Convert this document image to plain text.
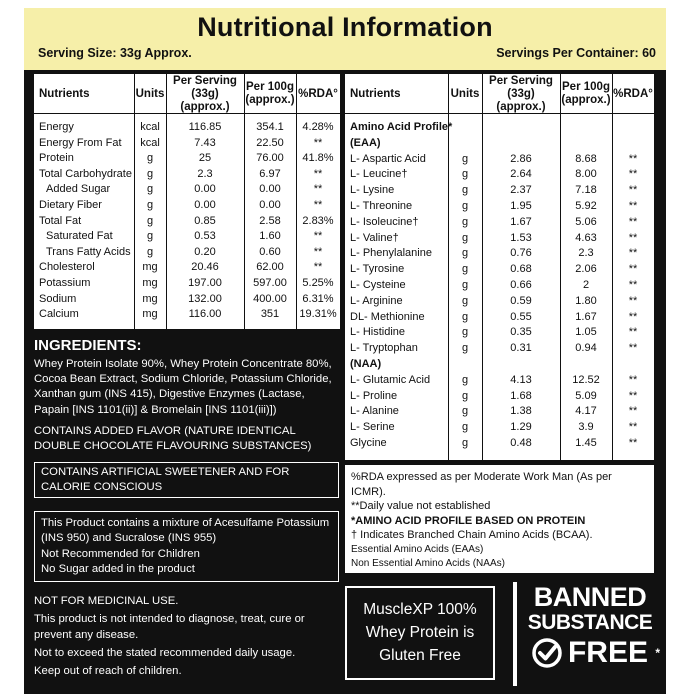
Nutritional Information
Serving Size: 33g Approx.	Servings Per Container: 60
Nutrients	Units
Per Serving
(33g) (approx.)
Per 100g
(approx.)
%RDA°
Energy	kcal	116.85	354.1	4.28%
Energy From Fat	kcal	7.43	22.50	**
Protein	g	25	76.00	41.8%
Total Carbohydrate	g	2.3	6.97	**
Added Sugar	g	0.00	0.00	**
Dietary Fiber	g	0.00	0.00	**
Total Fat	g	0.85	2.58	2.83%
Saturated Fat	g	0.53	1.60	**
Trans Fatty Acids	g	0.20	0.60	**
Cholesterol	mg	20.46	62.00	**
Potassium	mg	197.00	597.00	5.25%
Sodium	mg	132.00	400.00	6.31%
Calcium	mg	116.00	351	19.31%
Nutrients	Units
Per Serving
(33g) (approx.)
Per 100g
(approx.)
%RDA°
Amino Acid Profile*
(EAA)
L- Aspartic Acid	g	2.86	8.68	**
L- Leucine†	g	2.64	8.00	**
L- Lysine	g	2.37	7.18	**
L- Threonine	g	1.95	5.92	**
L- Isoleucine†	g	1.67	5.06	**
L- Valine†	g	1.53	4.63	**
L- Phenylalanine	g	0.76	2.3	**
L- Tyrosine	g	0.68	2.06	**
L- Cysteine	g	0.66	2	**
L- Arginine	g	0.59	1.80	**
DL- Methionine	g	0.55	1.67	**
L- Histidine	g	0.35	1.05	**
L- Tryptophan	g	0.31	0.94	**
(NAA)
L- Glutamic Acid	g	4.13	12.52	**
L- Proline	g	1.68	5.09	**
L- Alanine	g	1.38	4.17	**
L- Serine	g	1.29	3.9	**
Glycine	g	0.48	1.45	**
INGREDIENTS:

Whey Protein Isolate 90%, Whey Protein Concentrate 80%, Cocoa Bean Extract, Sodium Chloride, Potassium Chloride, Xanthan gum (INS 415), Digestive Enzymes (Lactase, Papain [INS 1101(ii)] & Bromelain [INS 1101(iii)])

CONTAINS ADDED FLAVOR (NATURE IDENTICAL DOUBLE CHOCOLATE FLAVOURING SUBSTANCES)

CONTAINS ARTIFICIAL SWEETENER AND FOR CALORIE CONSCIOUS
This Product contains a mixture of Acesulfame Potassium (INS 950) and Sucralose (INS 955)
Not Recommended for Children
No Sugar added in the product
NOT FOR MEDICINAL USE.
This product is not intended to diagnose, treat, cure or prevent any disease.
Not to exceed the stated recommended daily usage.
Keep out of reach of children.
%RDA expressed as per Moderate Work Man (As per ICMR).
**Daily value not established
*AMINO ACID PROFILE BASED ON PROTEIN
† Indicates Branched Chain Amino Acids (BCAA).
Essential Amino Acids (EAAs)
Non Essential Amino Acids (NAAs)
MuscleXP 100%
Whey Protein is
Gluten Free
BANNED
SUBSTANCE
FREE *
